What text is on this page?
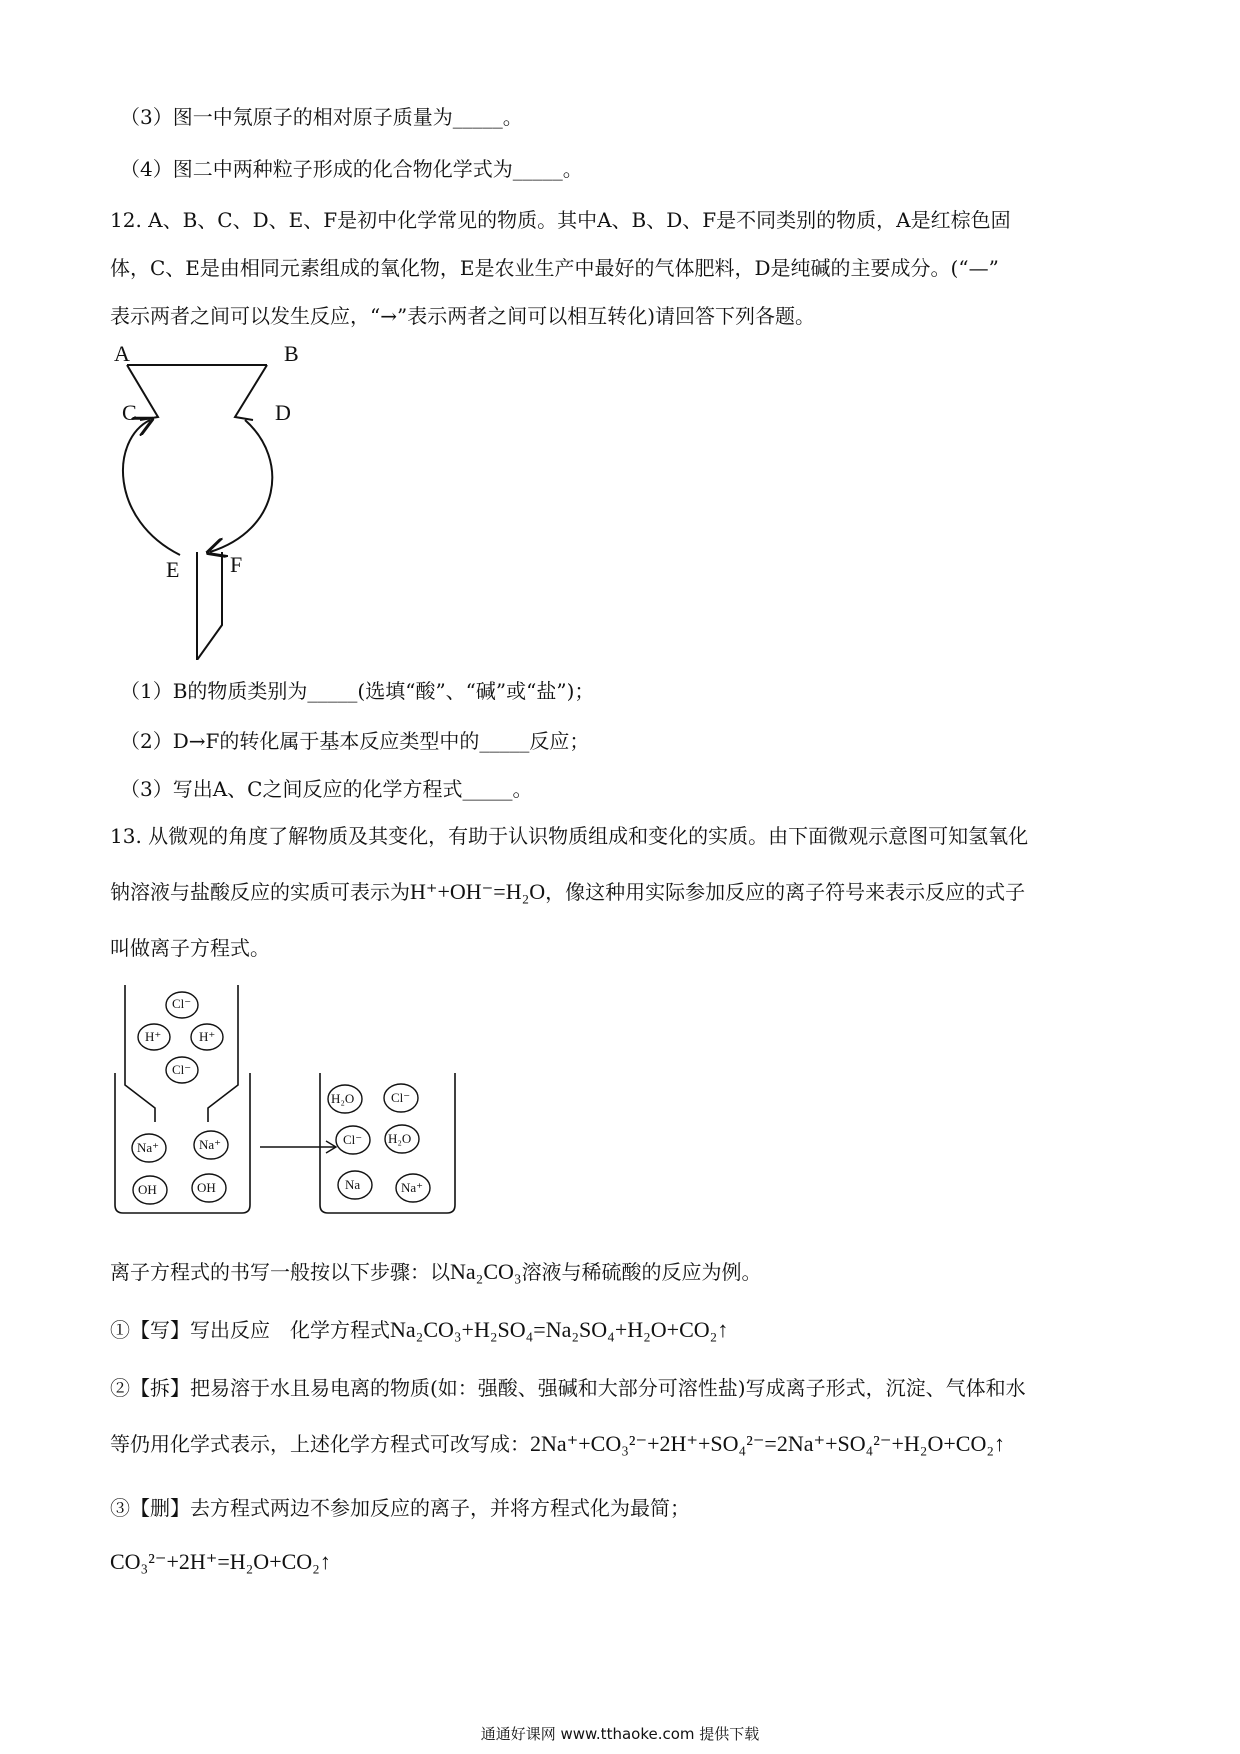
（3）图一中氖原子的相对原子质量为_____。
（4）图二中两种粒子形成的化合物化学式为_____。
12. A、B、C、D、E、F是初中化学常见的物质。其中A、B、D、F是不同类别的物质，A是红棕色固
体，C、E是由相同元素组成的氧化物，E是农业生产中最好的气体肥料，D是纯碱的主要成分。(“—”
表示两者之间可以发生反应，“→”表示两者之间可以相互转化)请回答下列各题。
A	B
C	D
E F
（1）B的物质类别为_____(选填“酸”、“碱”或“盐”)；
（2）D→F的转化属于基本反应类型中的_____反应；
（3）写出A、C之间反应的化学方程式_____。
13. 从微观的角度了解物质及其变化，有助于认识物质组成和变化的实质。由下面微观示意图可知氢氧化
钠溶液与盐酸反应的实质可表示为H⁺+OH⁻=H₂O，像这种用实际参加反应的离子符号来表示反应的式子
叫做离子方程式。
Cl⁻
H⁺	H⁺
Cl⁻
Na⁺	Na⁺
OH	OH
H₂O	Cl⁻
Cl⁻ H₂O
Na	Na⁺
离子方程式的书写一般按以下步骤：以Na₂CO₃溶液与稀硫酸的反应为例。
①【写】写出反应　化学方程式Na₂CO₃+H₂SO₄=Na₂SO₄+H₂O+CO₂↑
②【拆】把易溶于水且易电离的物质(如：强酸、强碱和大部分可溶性盐)写成离子形式，沉淀、气体和水
等仍用化学式表示，上述化学方程式可改写成：2Na⁺+CO₃²⁻+2H⁺+SO₄²⁻=2Na⁺+SO₄²⁻+H₂O+CO₂↑
③【删】去方程式两边不参加反应的离子，并将方程式化为最简；
CO₃²⁻+2H⁺=H₂O+CO₂↑
通通好课网 www.tthaoke.com 提供下载
